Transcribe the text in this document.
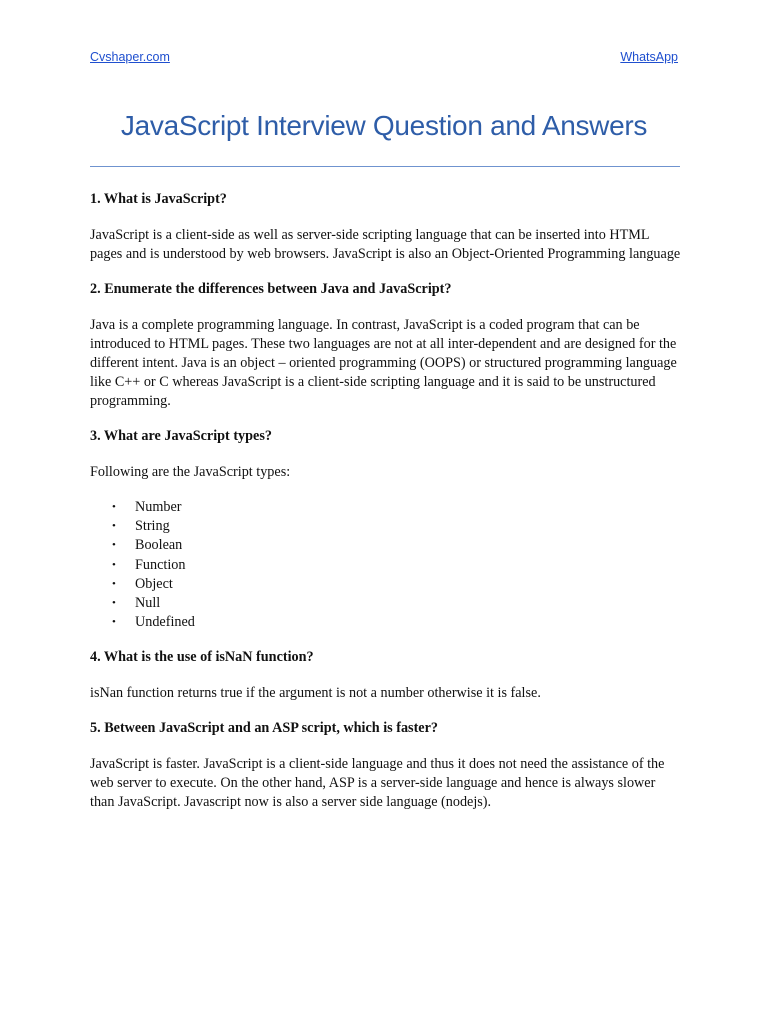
Cvshaper.com	WhatsApp
JavaScript Interview Question and Answers

1. What is JavaScript?

JavaScript is a client-side as well as server-side scripting language that can be inserted into HTML pages and is understood by web browsers. JavaScript is also an Object-Oriented Programming language

2. Enumerate the differences between Java and JavaScript?

Java is a complete programming language. In contrast, JavaScript is a coded program that can be introduced to HTML pages. These two languages are not at all inter-dependent and are designed for the different intent. Java is an object – oriented programming (OOPS) or structured programming language like C++ or C whereas JavaScript is a client-side scripting language and it is said to be unstructured programming.

3. What are JavaScript types?

Following are the JavaScript types:

• Number
• String
• Boolean
• Function
• Object
• Null
• Undefined

4. What is the use of isNaN function?

isNan function returns true if the argument is not a number otherwise it is false.

5. Between JavaScript and an ASP script, which is faster?

JavaScript is faster. JavaScript is a client-side language and thus it does not need the assistance of the web server to execute. On the other hand, ASP is a server-side language and hence is always slower than JavaScript. Javascript now is also a server side language (nodejs).
